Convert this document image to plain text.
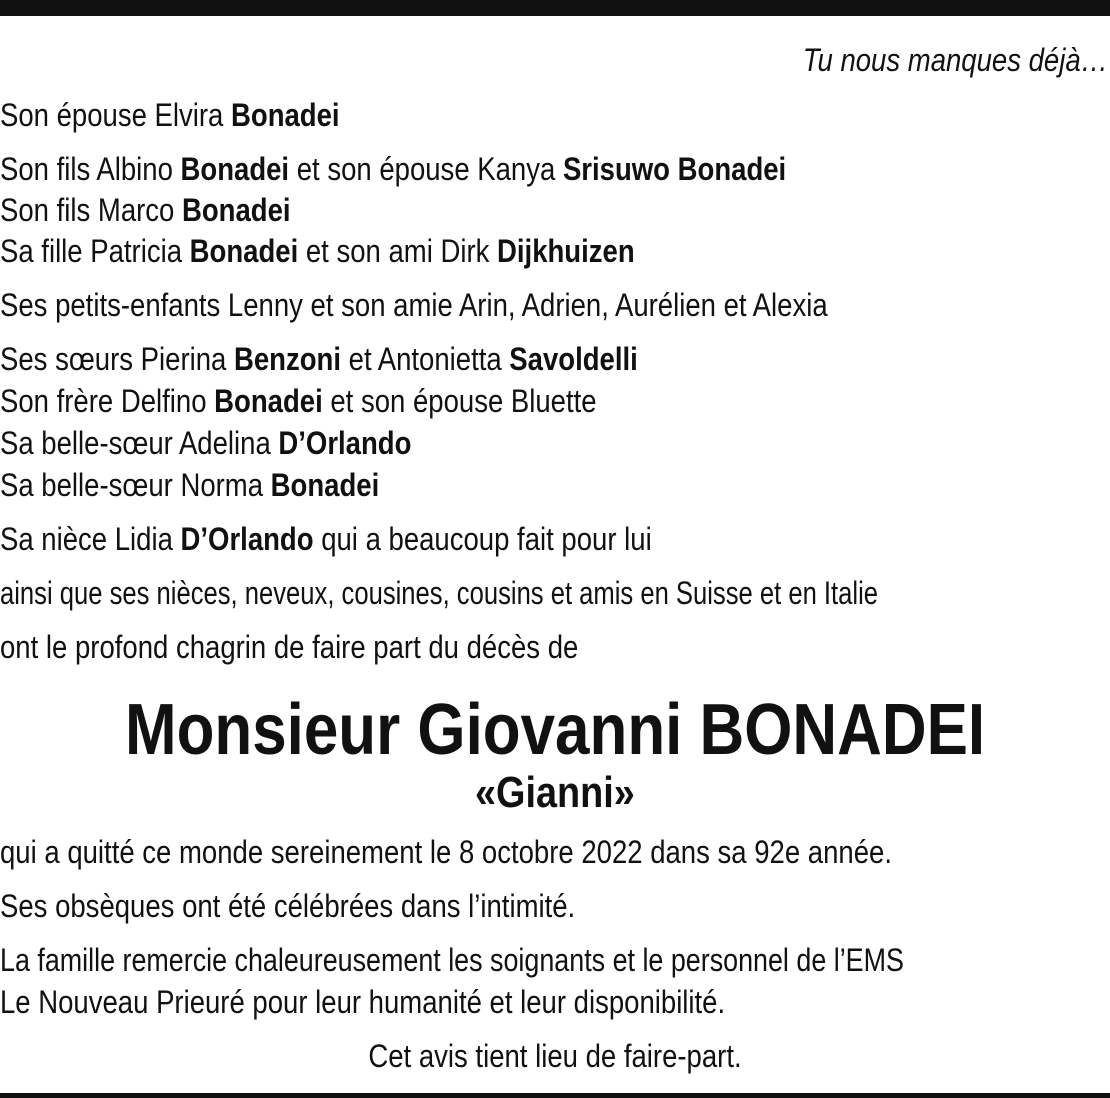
Tu nous manques déjà…
Son épouse Elvira Bonadei
Son fils Albino Bonadei et son épouse Kanya Srisuwo Bonadei
Son fils Marco Bonadei
Sa fille Patricia Bonadei et son ami Dirk Dijkhuizen
Ses petits-enfants Lenny et son amie Arin, Adrien, Aurélien et Alexia
Ses sœurs Pierina Benzoni et Antonietta Savoldelli
Son frère Delfino Bonadei et son épouse Bluette
Sa belle-sœur Adelina D’Orlando
Sa belle-sœur Norma Bonadei
Sa nièce Lidia D’Orlando qui a beaucoup fait pour lui
ainsi que ses nièces, neveux, cousines, cousins et amis en Suisse et en Italie
ont le profond chagrin de faire part du décès de
Monsieur Giovanni BONADEI
«Gianni»
qui a quitté ce monde sereinement le 8 octobre 2022 dans sa 92e année.
Ses obsèques ont été célébrées dans l’intimité.
La famille remercie chaleureusement les soignants et le personnel de l’EMS
Le Nouveau Prieuré pour leur humanité et leur disponibilité.
Cet avis tient lieu de faire-part.
